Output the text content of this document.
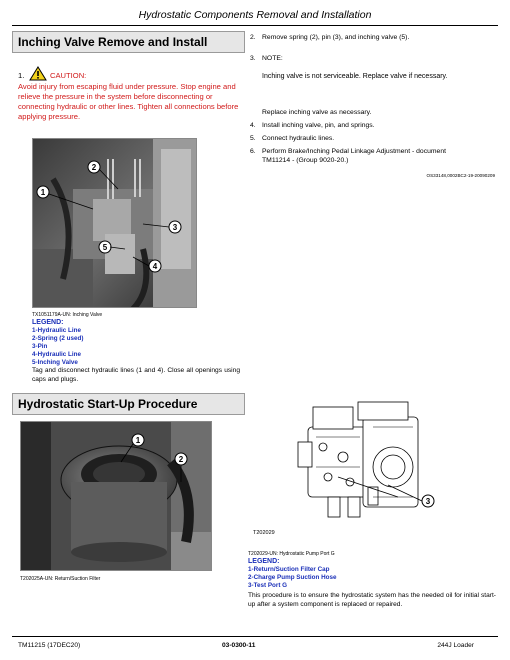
Hydrostatic Components Removal and Installation
Inching Valve Remove and Install
1.	CAUTION:
Avoid injury from escaping fluid under pressure. Stop engine and relieve the pressure in the system before disconnecting or connecting hydraulic or other lines. Tighten all connections before applying pressure.
2
1
3
5
4
TX1051179A-UN: Inching Valve
LEGEND:
1-Hydraulic Line
2-Spring (2 used)
3-Pin
4-Hydraulic Line
5-Inching Valve
Tag and disconnect hydraulic lines (1 and 4). Close all openings using caps and plugs.
2. Remove spring (2), pin (3), and inching valve (5).
3. NOTE:
Inching valve is not serviceable. Replace valve if necessary.
Replace inching valve as necessary.
4. Install inching valve, pin, and springs.
5. Connect hydraulic lines.
6. Perform Brake/Inching Pedal Linkage Adjustment - document TM11214 - (Group 9020-20.)
OS33148,0002BC2-19-20090209
Hydrostatic Start-Up Procedure
1
2
T202025A-UN: Return/Suction Filter
3
T202029
T202029-UN: Hydrostatic Pump Port G
LEGEND:
1-Return/Suction Filter Cap
2-Charge Pump Suction Hose
3-Test Port G
This procedure is to ensure the hydrostatic system has the needed oil for initial start-up after a system component is replaced or repaired.
TM11215 (17DEC20)	03-0300-11	244J Loader
